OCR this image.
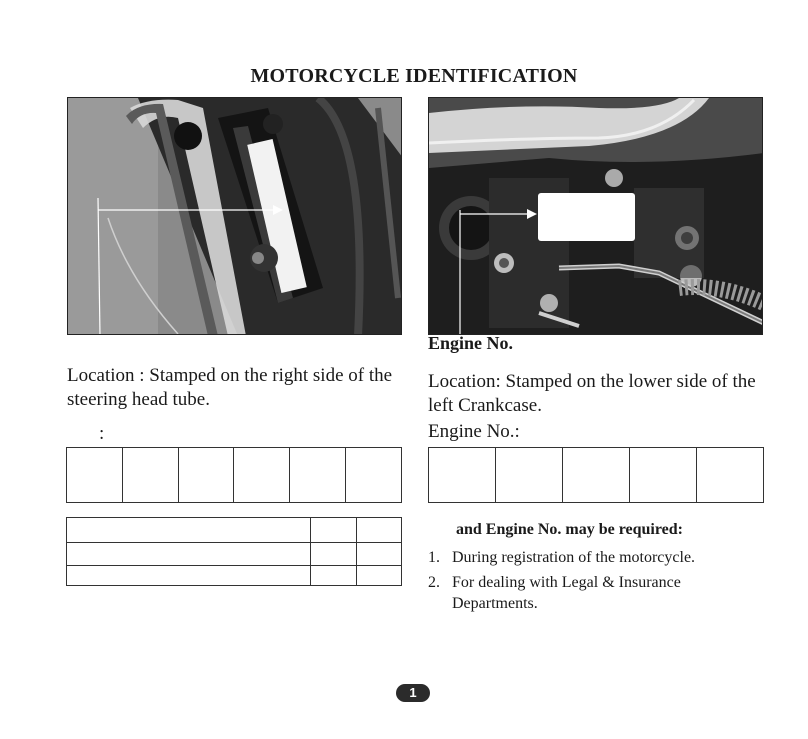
MOTORCYCLE IDENTIFICATION
Engine No.
Location : Stamped on the right side of the steering head tube.
:
Location: Stamped on the lower side of the left Crankcase.
Engine No.:

and Engine No. may be required:
1. During registration of the motorcycle.
2. For dealing with Legal & Insurance Departments.
1
